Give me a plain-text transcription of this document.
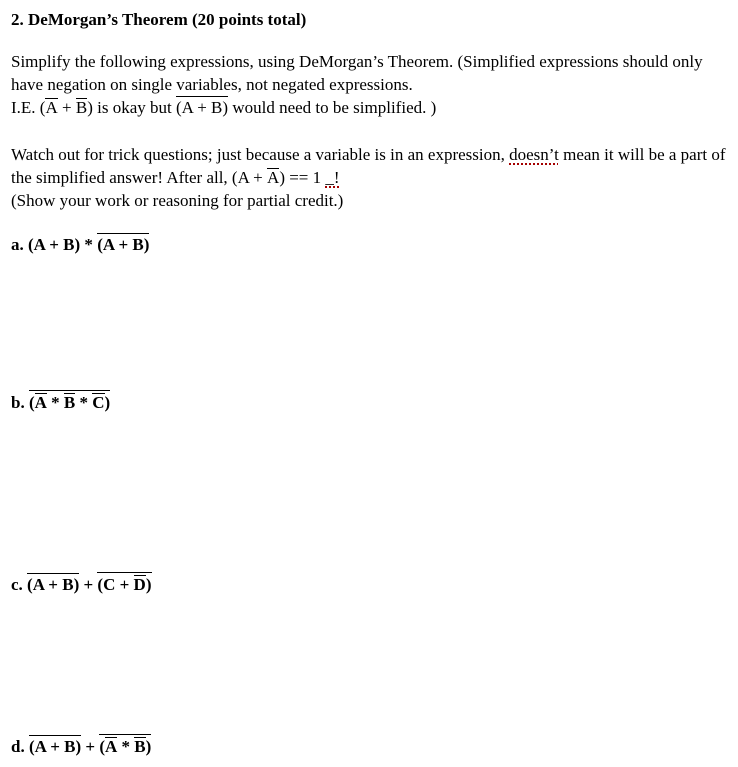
2. DeMorgan’s Theorem (20 points total)

Simplify the following expressions, using DeMorgan’s Theorem. (Simplified expressions should only have negation on single variables, not negated expressions.
I.E. (A + B) is okay but (A + B) would need to be simplified. )

Watch out for trick questions; just because a variable is in an expression, doesn’t mean it will be a part of the simplified answer! After all, (A + A) == 1 _!
(Show your work or reasoning for partial credit.)

a. (A + B) * (A + B)
b. (A * B * C)
c. (A + B) + (C + D)
d. (A + B) + (A * B)
